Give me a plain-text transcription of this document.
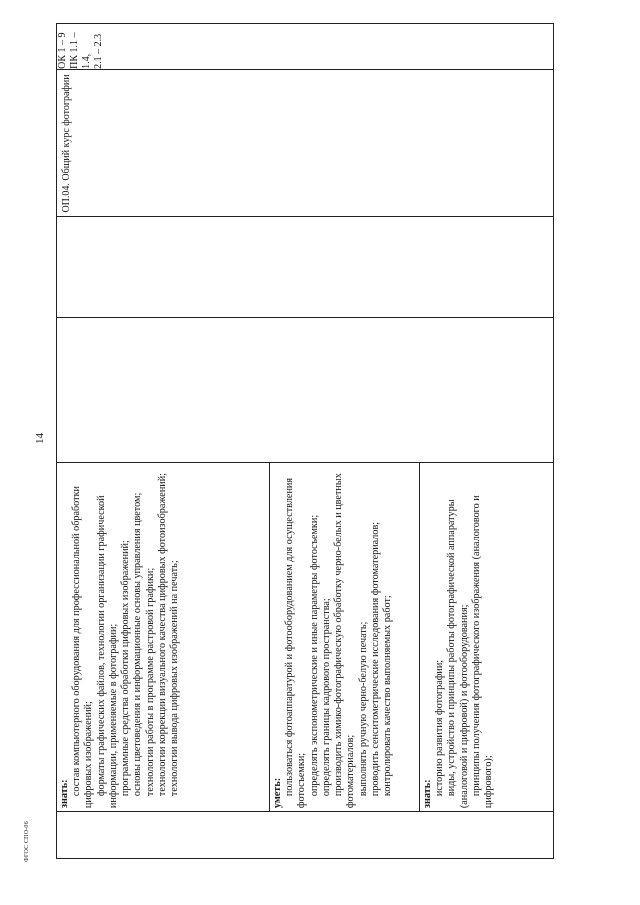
14
ФГОС СПО-06
знать: состав компьютерного оборудования для профессиональной обработки цифровых изображений; форматы графических файлов, технологии организации графической информации, применяемые в фотографии; программные средства обработки цифровых изображений; основы цветоведения и информационные основы управления цветом; технологии работы в программе растровой графики; технологии коррекции визуального качества цифровых фотоизображений; технологии вывода цифровых изображений на печать;	уметь: пользоваться фотоаппаратурой и фотооборудованием для осуществления фотосъемки; определять экспонометрические и иные параметры фотосъемки; определять границы кадрового пространства; производить химико-фотографическую обработку черно-белых и цветных фотоматериалов; выполнять ручную черно-белую печать; проводить сенситометрические исследования фотоматериалов; контролировать качество выполняемых работ;	знать: историю развития фотографии; виды, устройство и принципы работы фотографической аппаратуры (аналоговой и цифровой) и фотооборудования; принципы получения фотографического изображения (аналогового и цифрового);
ОП.04. Общий курс фотографии
ОК 1 – 9 ПК 1.1 – 1.4, 2.1 – 2.3
